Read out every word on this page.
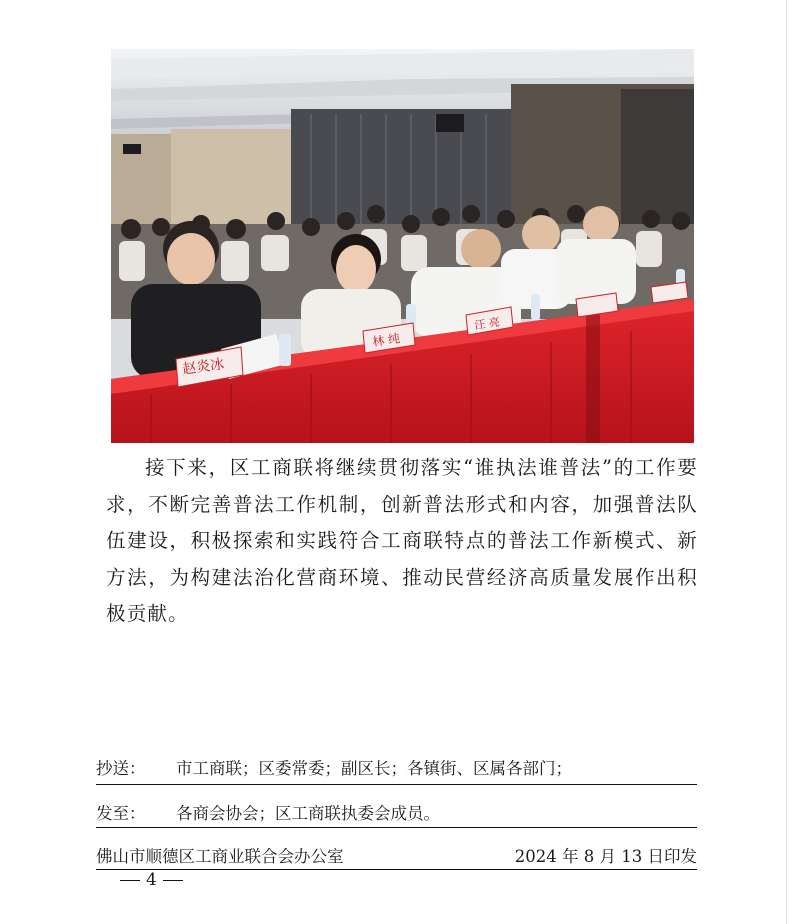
赵炎冰
林 纯
汪 亮

接下来，区工商联将继续贯彻落实“谁执法谁普法”的工作要求，不断完善普法工作机制，创新普法形式和内容，加强普法队伍建设，积极探索和实践符合工商联特点的普法工作新模式、新方法，为构建法治化营商环境、推动民营经济高质量发展作出积极贡献。

抄送： 市工商联；区委常委；副区长；各镇街、区属各部门；
发至： 各商会协会；区工商联执委会成员。
佛山市顺德区工商业联合会办公室	2024 年 8 月 13 日印发
4
